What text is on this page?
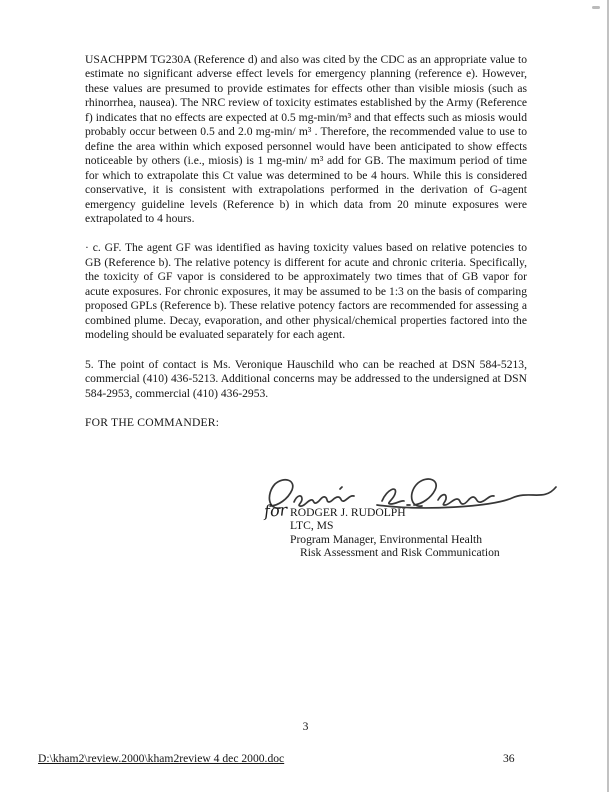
USACHPPM TG230A (Reference d) and also was cited by the CDC as an appropriate value to estimate no significant adverse effect levels for emergency planning (reference e). However, these values are presumed to provide estimates for effects other than visible miosis (such as rhinorrhea, nausea). The NRC review of toxicity estimates established by the Army (Reference f) indicates that no effects are expected at 0.5 mg-min/m³ and that effects such as miosis would probably occur between 0.5 and 2.0 mg-min/ m³ . Therefore, the recommended value to use to define the area within which exposed personnel would have been anticipated to show effects noticeable by others (i.e., miosis) is 1 mg-min/ m³ add for GB. The maximum period of time for which to extrapolate this Ct value was determined to be 4 hours. While this is considered conservative, it is consistent with extrapolations performed in the derivation of G-agent emergency guideline levels (Reference b) in which data from 20 minute exposures were extrapolated to 4 hours.

· c. GF. The agent GF was identified as having toxicity values based on relative potencies to GB (Reference b). The relative potency is different for acute and chronic criteria. Specifically, the toxicity of GF vapor is considered to be approximately two times that of GB vapor for acute exposures. For chronic exposures, it may be assumed to be 1:3 on the basis of comparing proposed GPLs (Reference b). These relative potency factors are recommended for assessing a combined plume. Decay, evaporation, and other physical/chemical properties factored into the modeling should be evaluated separately for each agent.

5. The point of contact is Ms. Veronique Hauschild who can be reached at DSN 584-5213, commercial (410) 436-5213. Additional concerns may be addressed to the undersigned at DSN 584-2953, commercial (410) 436-2953.

FOR THE COMMANDER:

for RODGER J. RUDOLPH
LTC, MS
Program Manager, Environmental Health
Risk Assessment and Risk Communication
3
D:\kham2\review.2000\kham2review 4 dec 2000.doc	36
